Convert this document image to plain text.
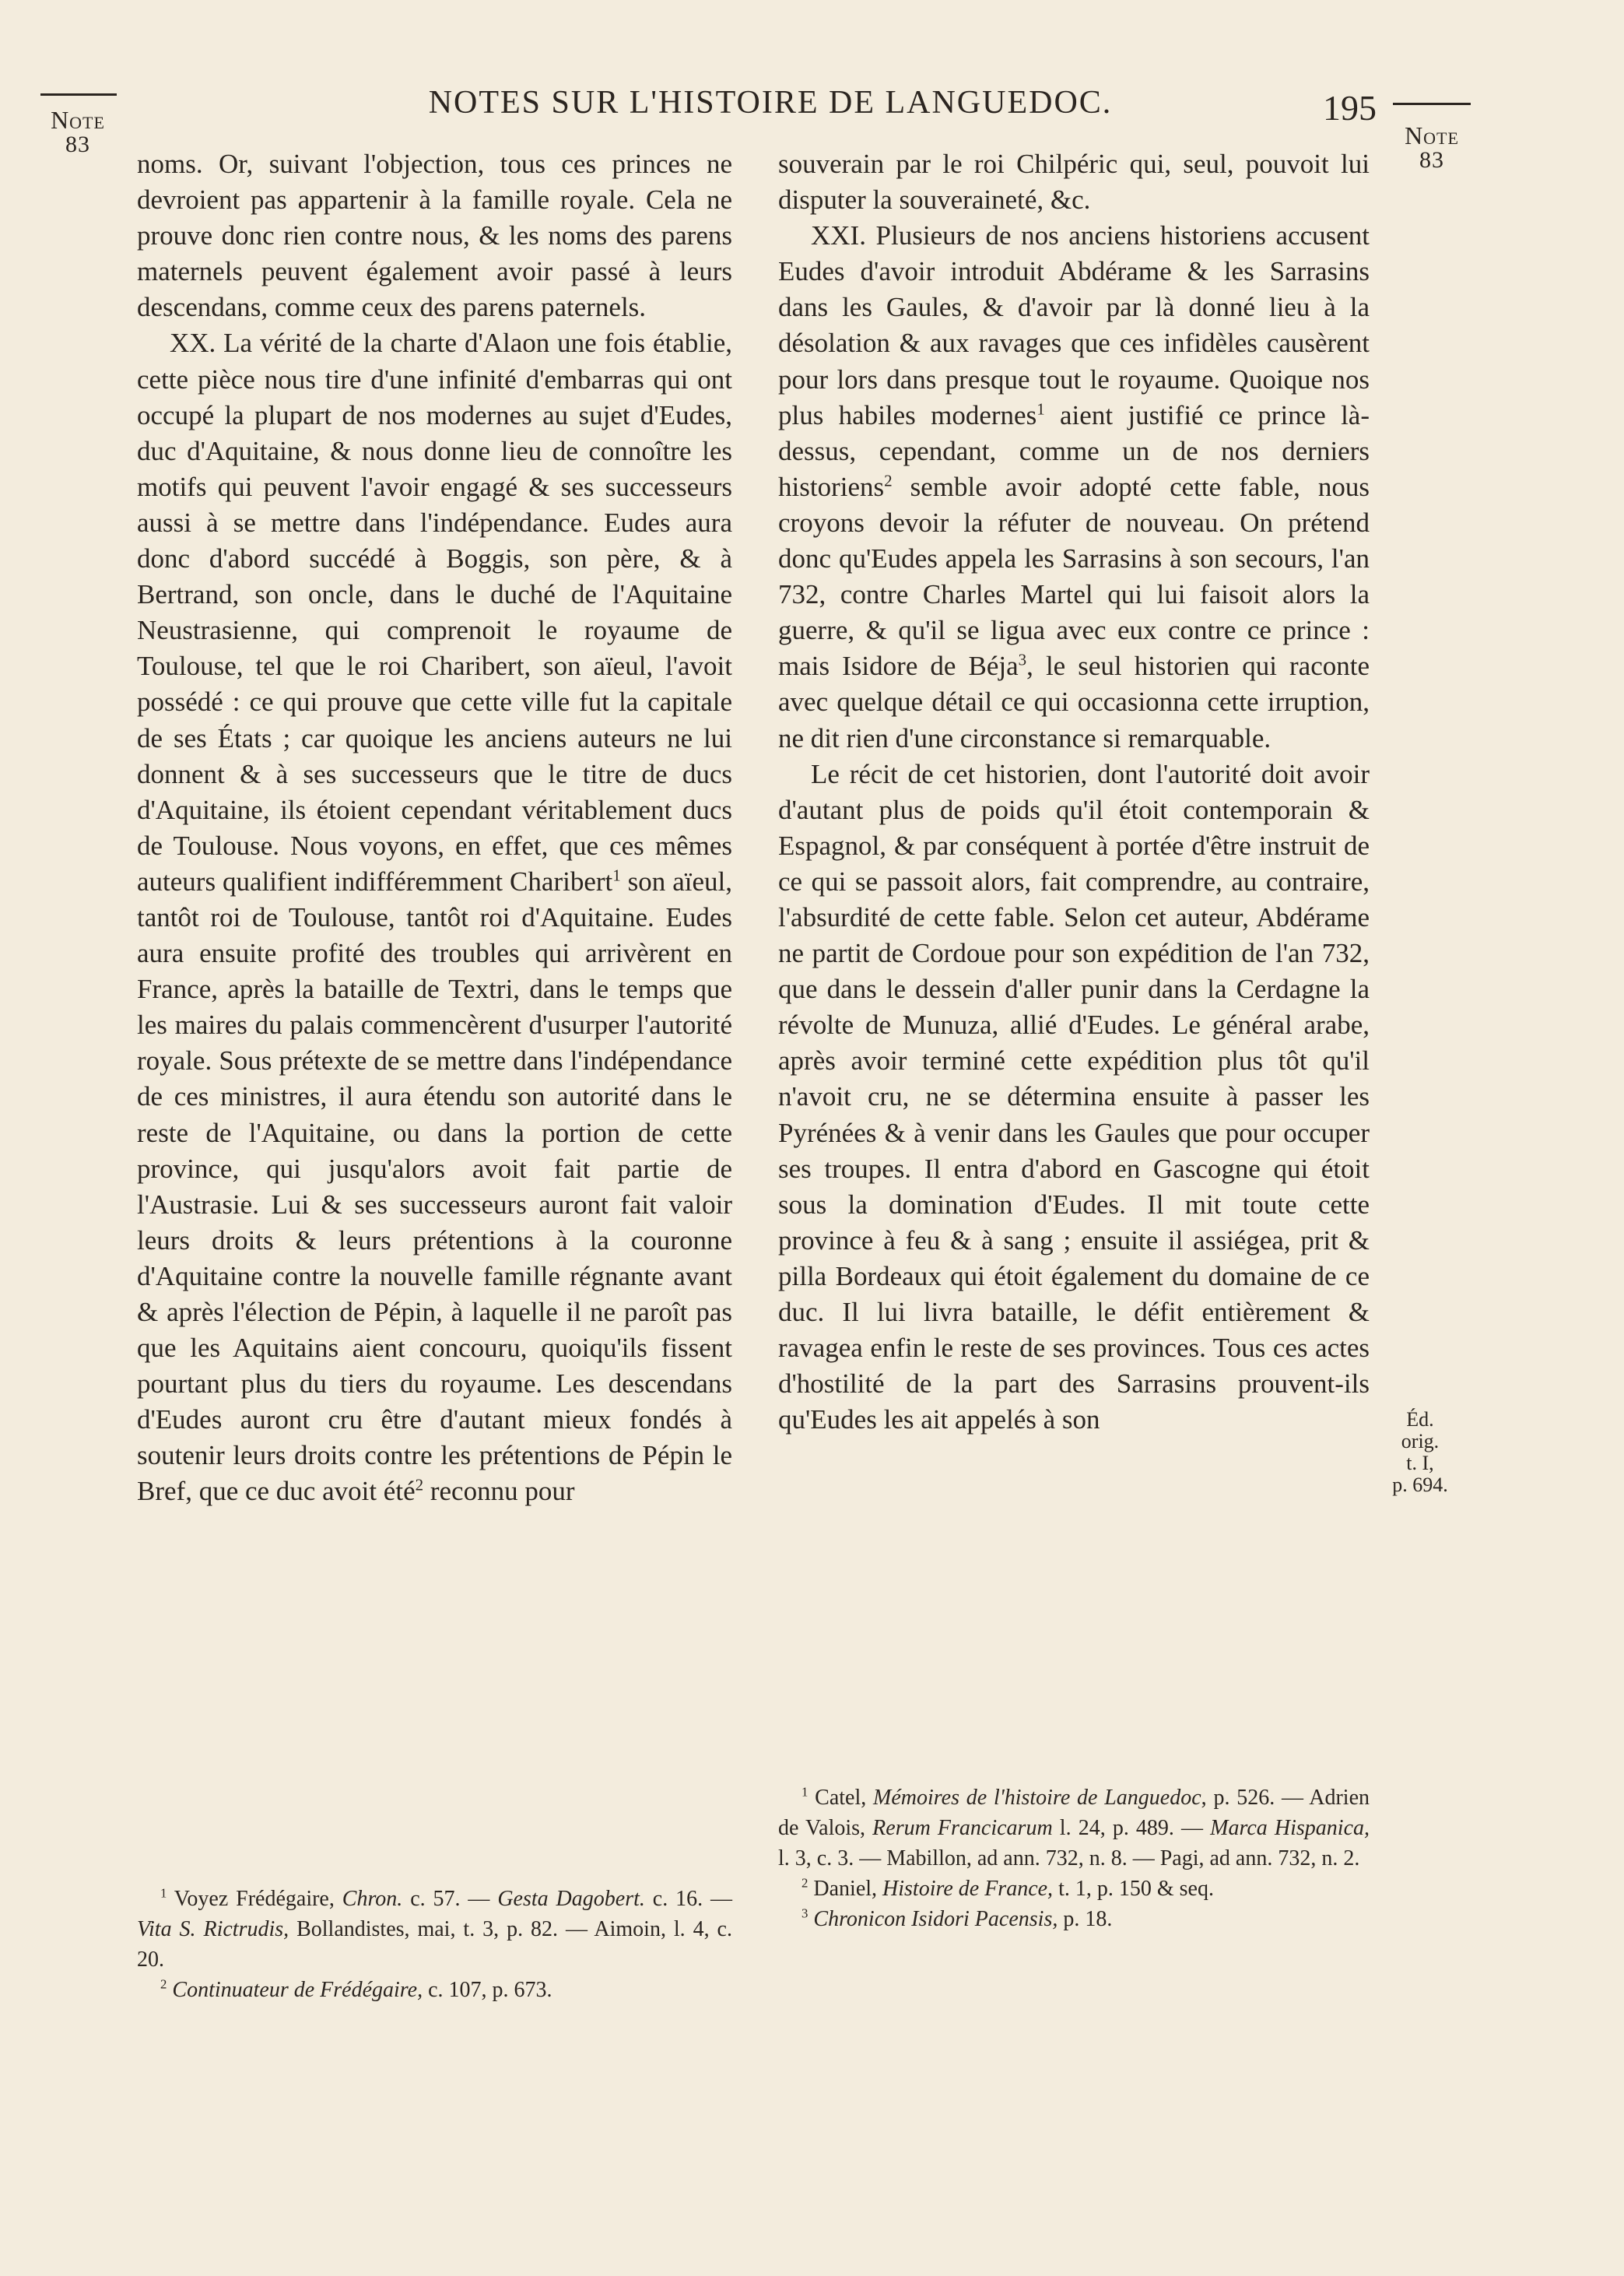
Note
83	Note
83
NOTES SUR L'HISTOIRE DE LANGUEDOC.	195

noms. Or, suivant l'objection, tous ces princes ne devroient pas appartenir à la famille royale. Cela ne prouve donc rien contre nous, & les noms des parens maternels peuvent également avoir passé à leurs descendans, comme ceux des parens paternels.

XX. La vérité de la charte d'Alaon une fois établie, cette pièce nous tire d'une infinité d'embarras qui ont occupé la plupart de nos modernes au sujet d'Eudes, duc d'Aquitaine, & nous donne lieu de connoître les motifs qui peuvent l'avoir engagé & ses successeurs aussi à se mettre dans l'indépendance. Eudes aura donc d'abord succédé à Boggis, son père, & à Bertrand, son oncle, dans le duché de l'Aquitaine Neustrasienne, qui comprenoit le royaume de Toulouse, tel que le roi Charibert, son aïeul, l'avoit possédé : ce qui prouve que cette ville fut la capitale de ses États ; car quoique les anciens auteurs ne lui donnent & à ses successeurs que le titre de ducs d'Aquitaine, ils étoient cependant véritablement ducs de Toulouse. Nous voyons, en effet, que ces mêmes auteurs qualifient indifféremment Charibert$^1$ son aïeul, tantôt roi de Toulouse, tantôt roi d'Aquitaine. Eudes aura ensuite profité des troubles qui arrivèrent en France, après la bataille de Textri, dans le temps que les maires du palais commencèrent d'usurper l'autorité royale. Sous prétexte de se mettre dans l'indépendance de ces ministres, il aura étendu son autorité dans le reste de l'Aquitaine, ou dans la portion de cette province, qui jusqu'alors avoit fait partie de l'Austrasie. Lui & ses successeurs auront fait valoir leurs droits & leurs prétentions à la couronne d'Aquitaine contre la nouvelle famille régnante avant & après l'élection de Pépin, à laquelle il ne paroît pas que les Aquitains aient concouru, quoiqu'ils fissent pourtant plus du tiers du royaume. Les descendans d'Eudes auront cru être d'autant mieux fondés à soutenir leurs droits contre les prétentions de Pépin le Bref, que ce duc avoit été$^2$ reconnu pour

souverain par le roi Chilpéric qui, seul, pouvoit lui disputer la souveraineté, &c.

XXI. Plusieurs de nos anciens historiens accusent Eudes d'avoir introduit Abdérame & les Sarrasins dans les Gaules, & d'avoir par là donné lieu à la désolation & aux ravages que ces infidèles causèrent pour lors dans presque tout le royaume. Quoique nos plus habiles modernes$^1$ aient justifié ce prince là-dessus, cependant, comme un de nos derniers historiens$^2$ semble avoir adopté cette fable, nous croyons devoir la réfuter de nouveau. On prétend donc qu'Eudes appela les Sarrasins à son secours, l'an 732, contre Charles Martel qui lui faisoit alors la guerre, & qu'il se ligua avec eux contre ce prince : mais Isidore de Béja$^3$, le seul historien qui raconte avec quelque détail ce qui occasionna cette irruption, ne dit rien d'une circonstance si remarquable.

Le récit de cet historien, dont l'autorité doit avoir d'autant plus de poids qu'il étoit contemporain & Espagnol, & par conséquent à portée d'être instruit de ce qui se passoit alors, fait comprendre, au contraire, l'absurdité de cette fable. Selon cet auteur, Abdérame ne partit de Cordoue pour son expédition de l'an 732, que dans le dessein d'aller punir dans la Cerdagne la révolte de Munuza, allié d'Eudes. Le général arabe, après avoir terminé cette expédition plus tôt qu'il n'avoit cru, ne se détermina ensuite à passer les Pyrénées & à venir dans les Gaules que pour occuper ses troupes. Il entra d'abord en Gascogne qui étoit sous la domination d'Eudes. Il mit toute cette province à feu & à sang ; ensuite il assiégea, prit & pilla Bordeaux qui étoit également du domaine de ce duc. Il lui livra bataille, le défit entièrement & ravagea enfin le reste de ses provinces. Tous ces actes d'hostilité de la part des Sarrasins prouvent-ils qu'Eudes les ait appelés à son	Éd. orig.
t. I,
p. 694.

$^1$ Voyez Frédégaire, Chron. c. 57. — Gesta Dagobert. c. 16. — Vita S. Rictrudis, Bollandistes, mai, t. 3, p. 82. — Aimoin, l. 4, c. 20.

$^2$ Continuateur de Frédégaire, c. 107, p. 673.

$^1$ Catel, Mémoires de l'histoire de Languedoc, p. 526. — Adrien de Valois, Rerum Francicarum l. 24, p. 489. — Marca Hispanica, l. 3, c. 3. — Mabillon, ad ann. 732, n. 8. — Pagi, ad ann. 732, n. 2.

$^2$ Daniel, Histoire de France, t. 1, p. 150 & seq.

$^3$ Chronicon Isidori Pacensis, p. 18.
